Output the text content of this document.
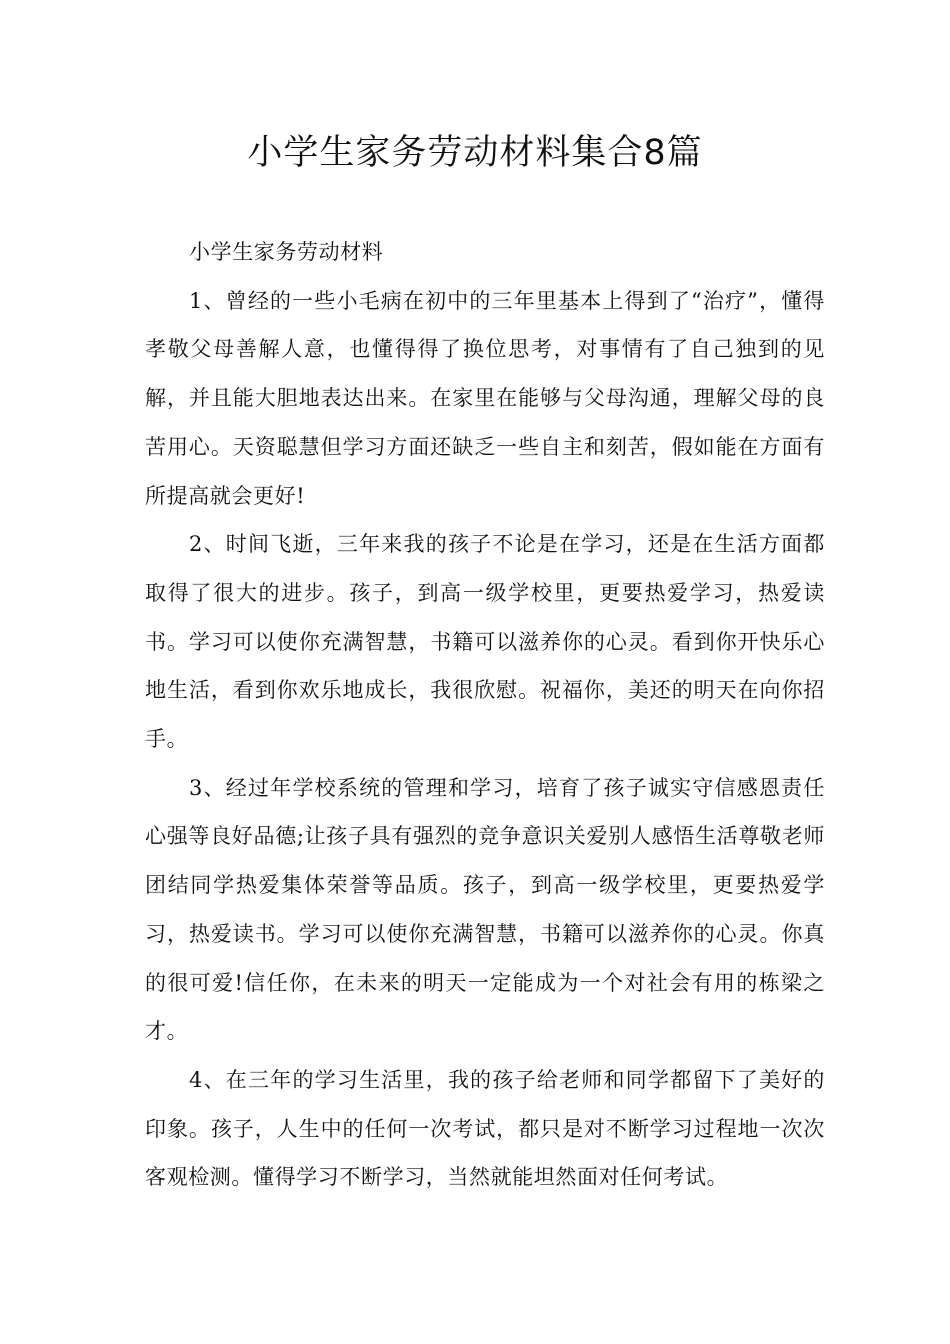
小学生家务劳动材料集合8篇

小学生家务劳动材料

1、曾经的一些小毛病在初中的三年里基本上得到了“治疗”，懂得孝敬父母善解人意，也懂得得了换位思考，对事情有了自己独到的见解，并且能大胆地表达出来。在家里在能够与父母沟通，理解父母的良苦用心。天资聪慧但学习方面还缺乏一些自主和刻苦，假如能在方面有所提高就会更好!

2、时间飞逝，三年来我的孩子不论是在学习，还是在生活方面都取得了很大的进步。孩子，到高一级学校里，更要热爱学习，热爱读书。学习可以使你充满智慧，书籍可以滋养你的心灵。看到你开快乐心地生活，看到你欢乐地成长，我很欣慰。祝福你，美还的明天在向你招手。

3、经过年学校系统的管理和学习，培育了孩子诚实守信感恩责任心强等良好品德;让孩子具有强烈的竞争意识关爱别人感悟生活尊敬老师团结同学热爱集体荣誉等品质。孩子，到高一级学校里，更要热爱学习，热爱读书。学习可以使你充满智慧，书籍可以滋养你的心灵。你真的很可爱!信任你，在未来的明天一定能成为一个对社会有用的栋梁之才。

4、在三年的学习生活里，我的孩子给老师和同学都留下了美好的印象。孩子，人生中的任何一次考试，都只是对不断学习过程地一次次客观检测。懂得学习不断学习，当然就能坦然面对任何考试。
